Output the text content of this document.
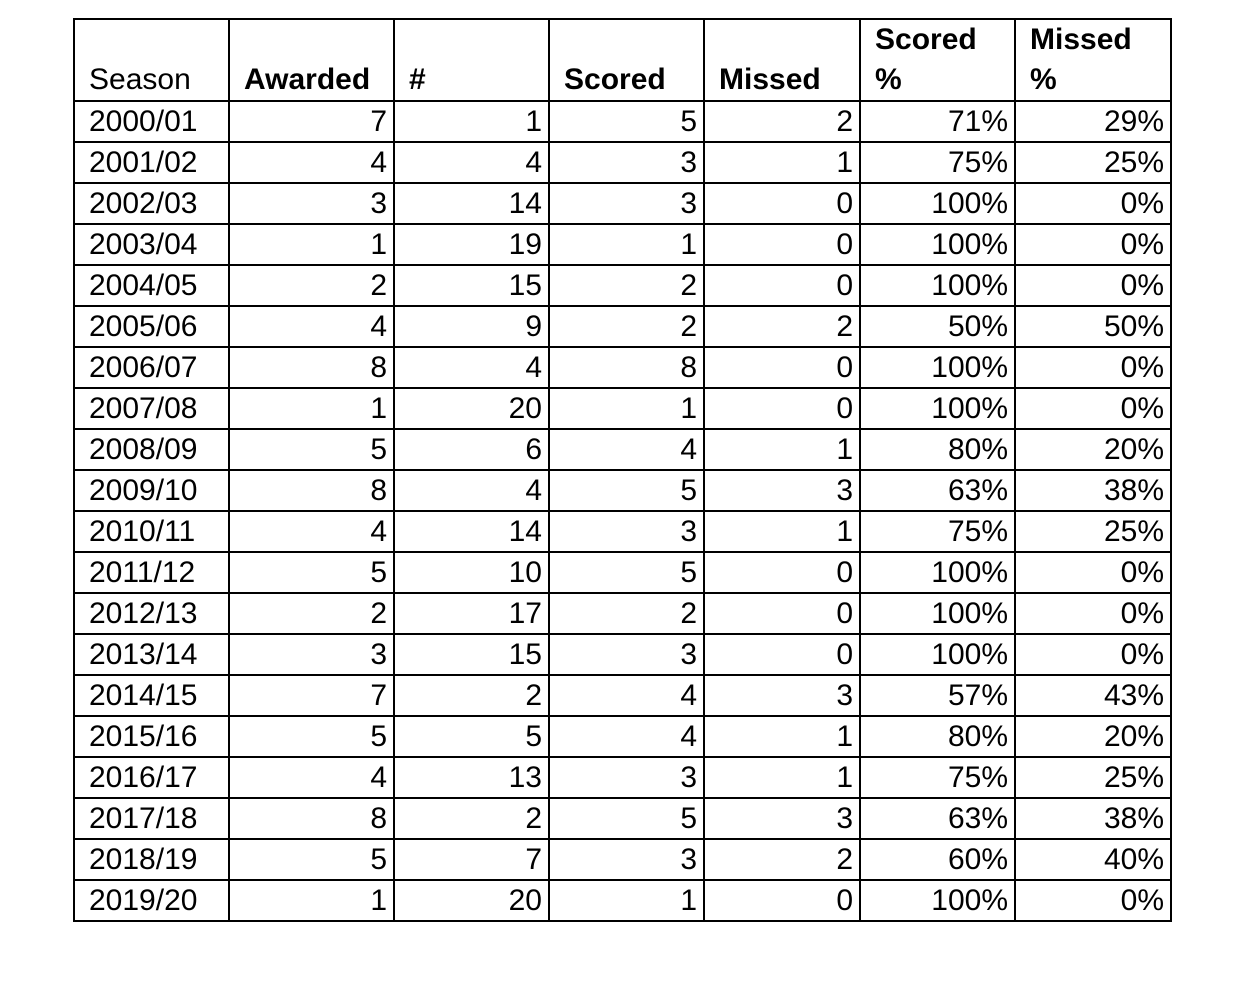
Season	Awarded	#	Scored	Missed	Scored %	Missed %
2000/01	7	1	5	2	71%	29%
2001/02	4	4	3	1	75%	25%
2002/03	3	14	3	0	100%	0%
2003/04	1	19	1	0	100%	0%
2004/05	2	15	2	0	100%	0%
2005/06	4	9	2	2	50%	50%
2006/07	8	4	8	0	100%	0%
2007/08	1	20	1	0	100%	0%
2008/09	5	6	4	1	80%	20%
2009/10	8	4	5	3	63%	38%
2010/11	4	14	3	1	75%	25%
2011/12	5	10	5	0	100%	0%
2012/13	2	17	2	0	100%	0%
2013/14	3	15	3	0	100%	0%
2014/15	7	2	4	3	57%	43%
2015/16	5	5	4	1	80%	20%
2016/17	4	13	3	1	75%	25%
2017/18	8	2	5	3	63%	38%
2018/19	5	7	3	2	60%	40%
2019/20	1	20	1	0	100%	0%
